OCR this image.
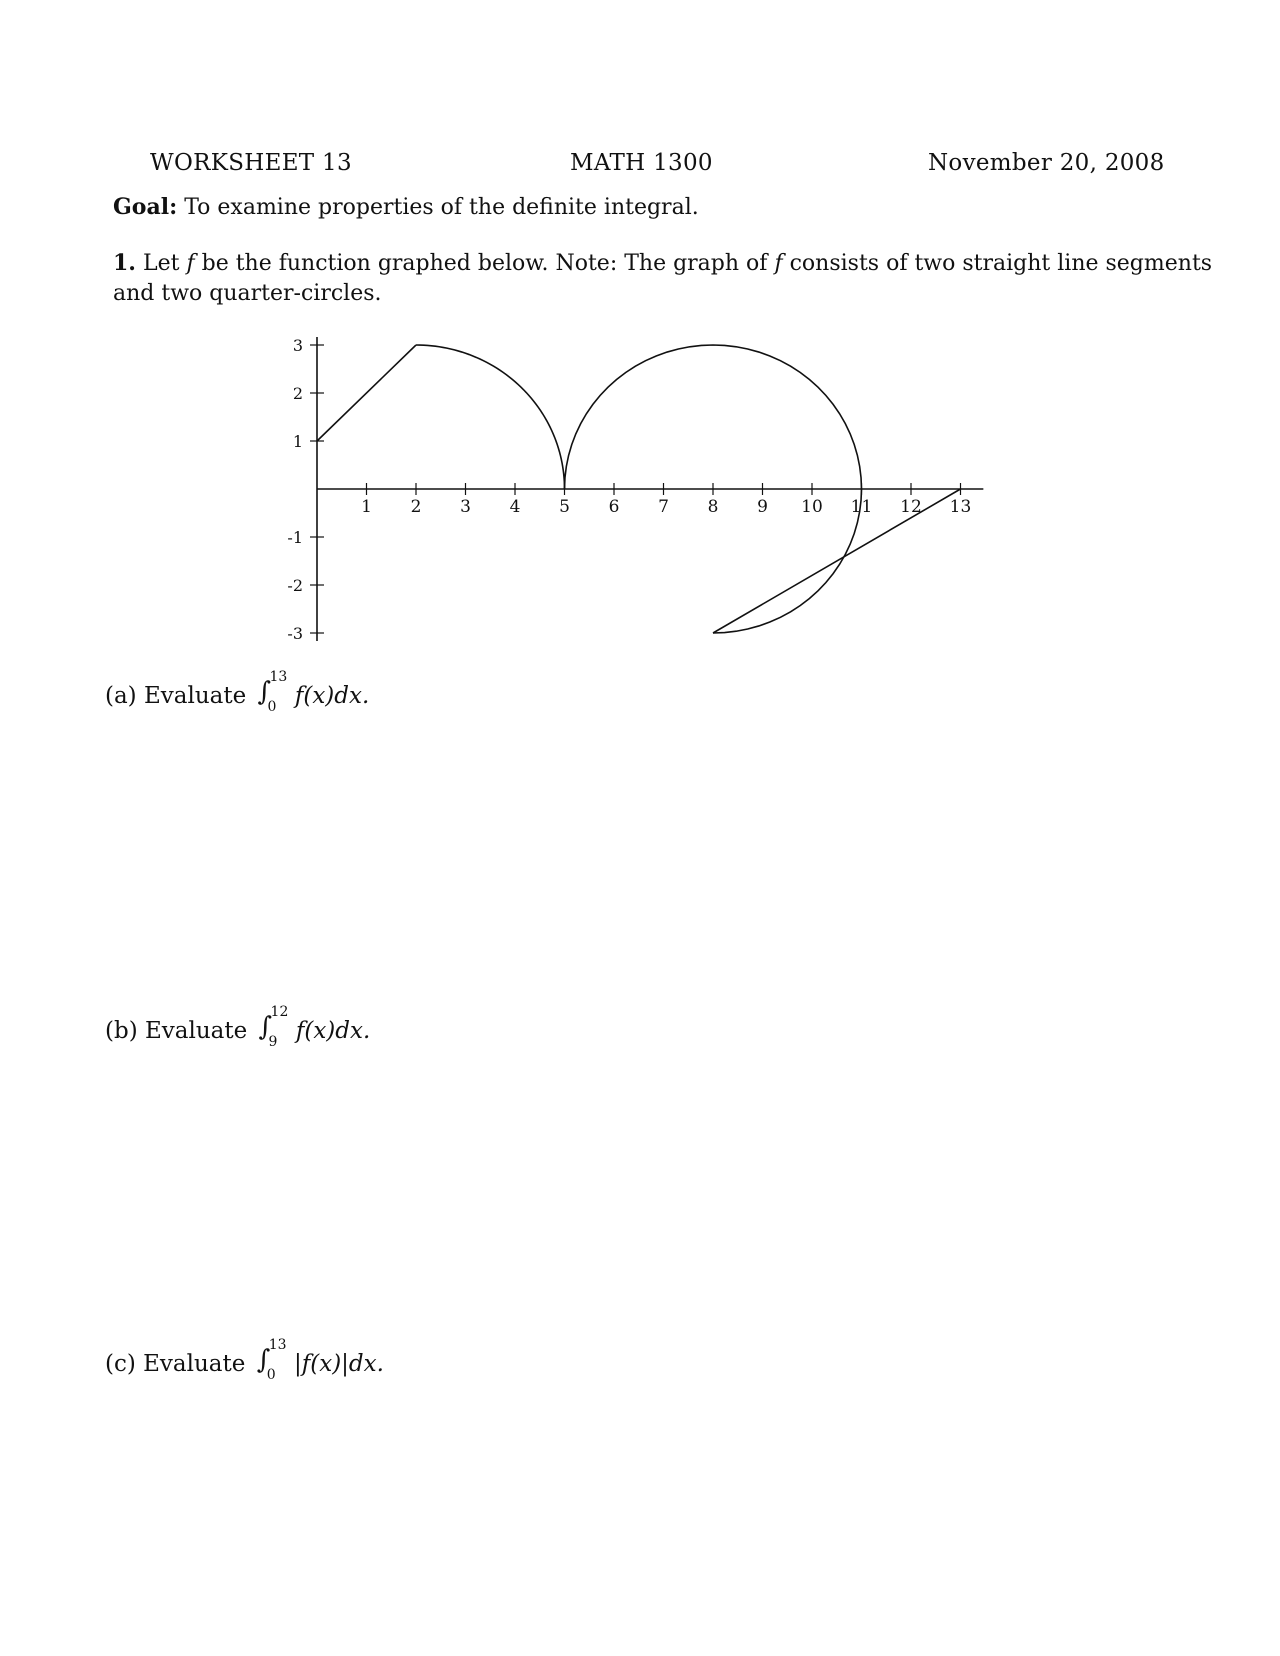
WORKSHEET 13	MATH 1300	November 20, 2008
Goal: To examine properties of the definite integral.
1. Let f be the function graphed below. Note: The graph of f consists of two straight line segments
and two quarter-circles.
1 2 3 4 5 6 7 8 9 10 11 12 13
3
2
1
-1
-2
-3
(a) Evaluate ∫
13
0 f(x)dx.
(b) Evaluate ∫
12
9 f(x)dx.
(c) Evaluate ∫
13
0 |f(x)|dx.
